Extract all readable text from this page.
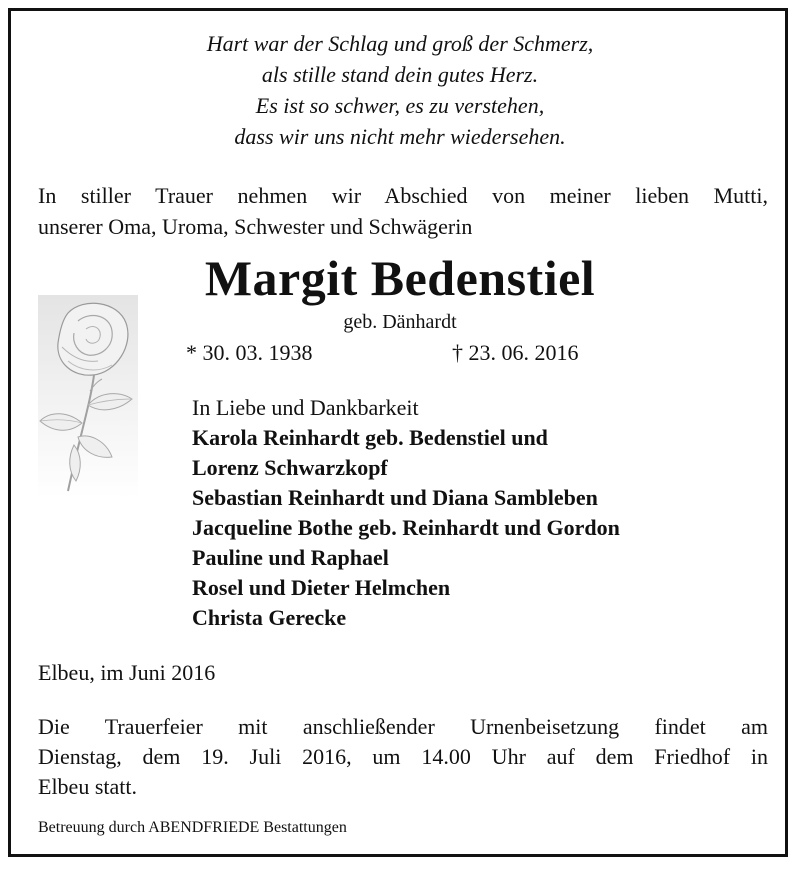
Hart war der Schlag und groß der Schmerz,
als stille stand dein gutes Herz.
Es ist so schwer, es zu verstehen,
dass wir uns nicht mehr wiedersehen.
In stiller Trauer nehmen wir Abschied von meiner lieben Mutti,
unserer Oma, Uroma, Schwester und Schwägerin
Margit Bedenstiel
geb. Dänhardt
* 30. 03. 1938	† 23. 06. 2016
In Liebe und Dankbarkeit
Karola Reinhardt geb. Bedenstiel und
Lorenz Schwarzkopf
Sebastian Reinhardt und Diana Sambleben
Jacqueline Bothe geb. Reinhardt und Gordon
Pauline und Raphael
Rosel und Dieter Helmchen
Christa Gerecke
Elbeu, im Juni 2016
Die Trauerfeier mit anschließender Urnenbeisetzung findet am
Dienstag, dem 19. Juli 2016, um 14.00 Uhr auf dem Friedhof in
Elbeu statt.
Betreuung durch ABENDFRIEDE Bestattungen
